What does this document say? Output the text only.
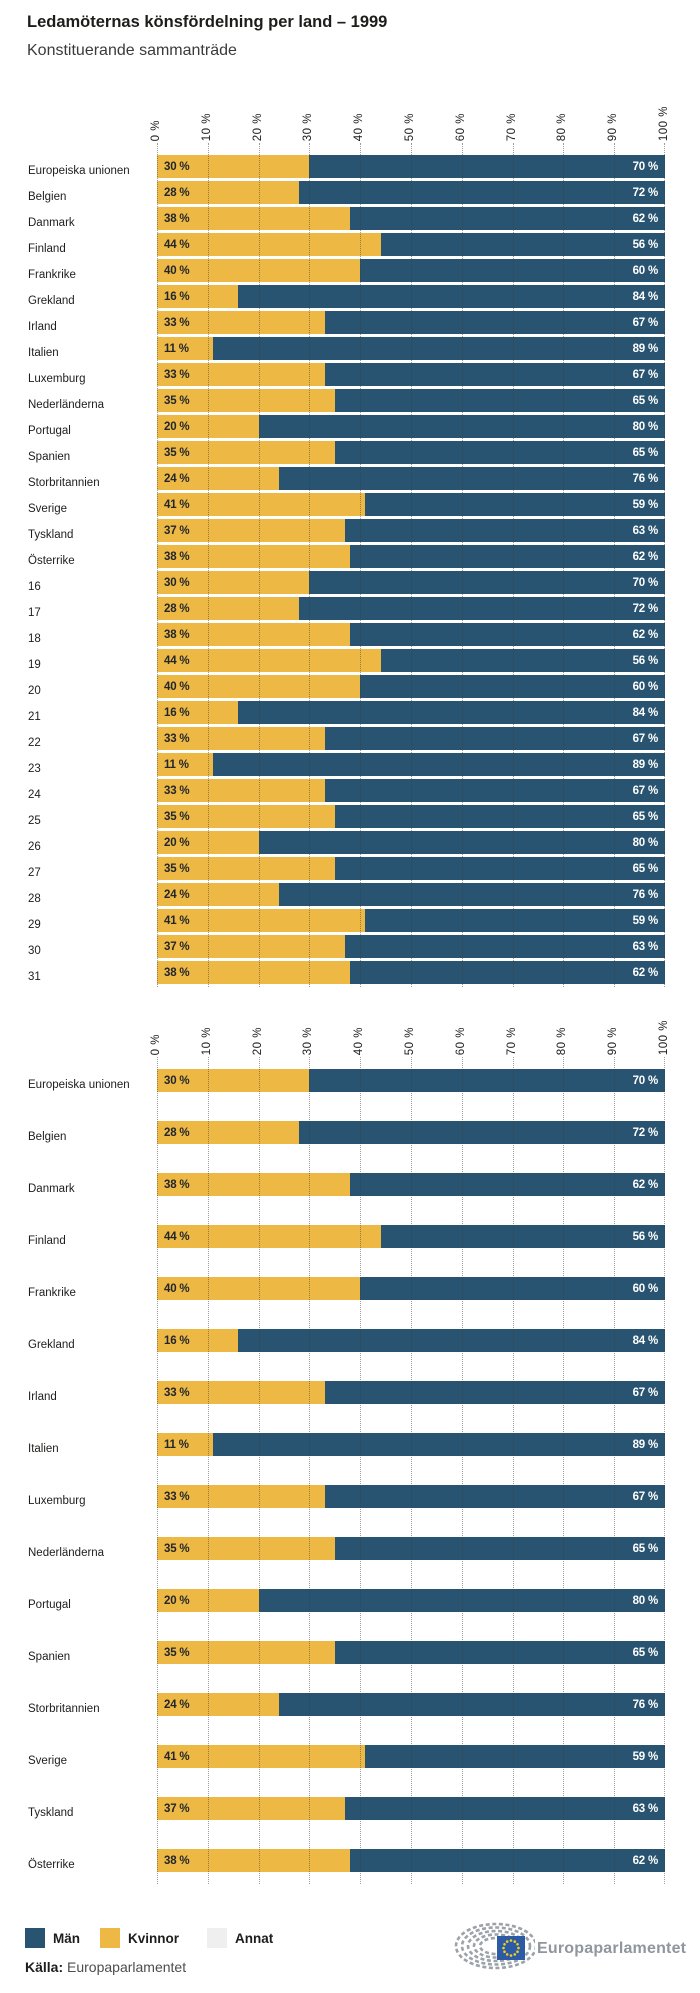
Ledamöternas könsfördelning per land – 1999
Konstituerande sammanträde
0 %	10 %	20 %	30 %	40 %	50 %	60 %	70 %	80 %	90 %	100 %
Europeiska unionen	30 %	70 %
Belgien	28 %	72 %
Danmark	38 %	62 %
Finland	44 %	56 %
Frankrike	40 %	60 %
Grekland	16 %	84 %
Irland	33 %	67 %
Italien	11 %	89 %
Luxemburg	33 %	67 %
Nederländerna	35 %	65 %
Portugal	20 %	80 %
Spanien	35 %	65 %
Storbritannien	24 %	76 %
Sverige	41 %	59 %
Tyskland	37 %	63 %
Österrike	38 %	62 %
16	30 %	70 %
17	28 %	72 %
18	38 %	62 %
19	44 %	56 %
20	40 %	60 %
21	16 %	84 %
22	33 %	67 %
23	11 %	89 %
24	33 %	67 %
25	35 %	65 %
26	20 %	80 %
27	35 %	65 %
28	24 %	76 %
29	41 %	59 %
30	37 %	63 %
31	38 %	62 %
0 %	10 %	20 %	30 %	40 %	50 %	60 %	70 %	80 %	90 %	100 %
Europeiska unionen	30 %	70 %
Belgien	28 %	72 %
Danmark	38 %	62 %
Finland	44 %	56 %
Frankrike	40 %	60 %
Grekland	16 %	84 %
Irland	33 %	67 %
Italien	11 %	89 %
Luxemburg	33 %	67 %
Nederländerna	35 %	65 %
Portugal	20 %	80 %
Spanien	35 %	65 %
Storbritannien	24 %	76 %
Sverige	41 %	59 %
Tyskland	37 %	63 %
Österrike	38 %	62 %
Män	Kvinnor	Annat
Källa: Europaparlamentet
Europaparlamentet
